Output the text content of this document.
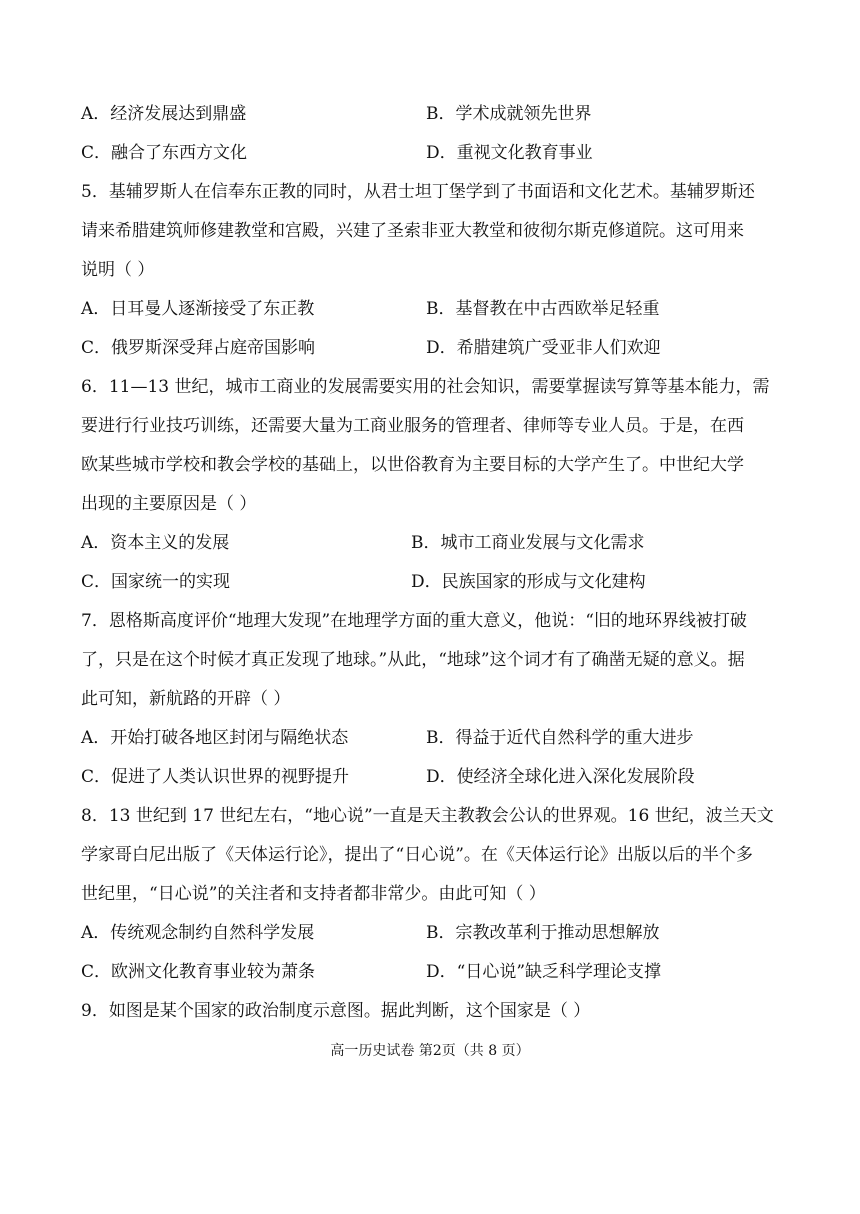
A．经济发展达到鼎盛	B．学术成就领先世界
C．融合了东西方文化	D．重视文化教育事业
5．基辅罗斯人在信奉东正教的同时，从君士坦丁堡学到了书面语和文化艺术。基辅罗斯还
请来希腊建筑师修建教堂和宫殿，兴建了圣索非亚大教堂和彼彻尔斯克修道院。这可用来
说明（ ）
A．日耳曼人逐渐接受了东正教	B．基督教在中古西欧举足轻重
C．俄罗斯深受拜占庭帝国影响	D．希腊建筑广受亚非人们欢迎
6．11—13 世纪，城市工商业的发展需要实用的社会知识，需要掌握读写算等基本能力，需
要进行行业技巧训练，还需要大量为工商业服务的管理者、律师等专业人员。于是，在西
欧某些城市学校和教会学校的基础上，以世俗教育为主要目标的大学产生了。中世纪大学
出现的主要原因是（ ）
A．资本主义的发展	B．城市工商业发展与文化需求
C．国家统一的实现	D．民族国家的形成与文化建构
7．恩格斯高度评价“地理大发现”在地理学方面的重大意义，他说：“旧的地环界线被打破
了，只是在这个时候才真正发现了地球。”从此，“地球”这个词才有了确凿无疑的意义。据
此可知，新航路的开辟（ ）
A．开始打破各地区封闭与隔绝状态	B．得益于近代自然科学的重大进步
C．促进了人类认识世界的视野提升	D．使经济全球化进入深化发展阶段
8．13 世纪到 17 世纪左右，“地心说”一直是天主教教会公认的世界观。16 世纪，波兰天文
学家哥白尼出版了《天体运行论》，提出了“日心说”。在《天体运行论》出版以后的半个多
世纪里，“日心说”的关注者和支持者都非常少。由此可知（ ）
A．传统观念制约自然科学发展	B．宗教改革利于推动思想解放
C．欧洲文化教育事业较为萧条	D．“日心说”缺乏科学理论支撑
9．如图是某个国家的政治制度示意图。据此判断，这个国家是（ ）
高一历史试卷 第2页（共 8 页）
